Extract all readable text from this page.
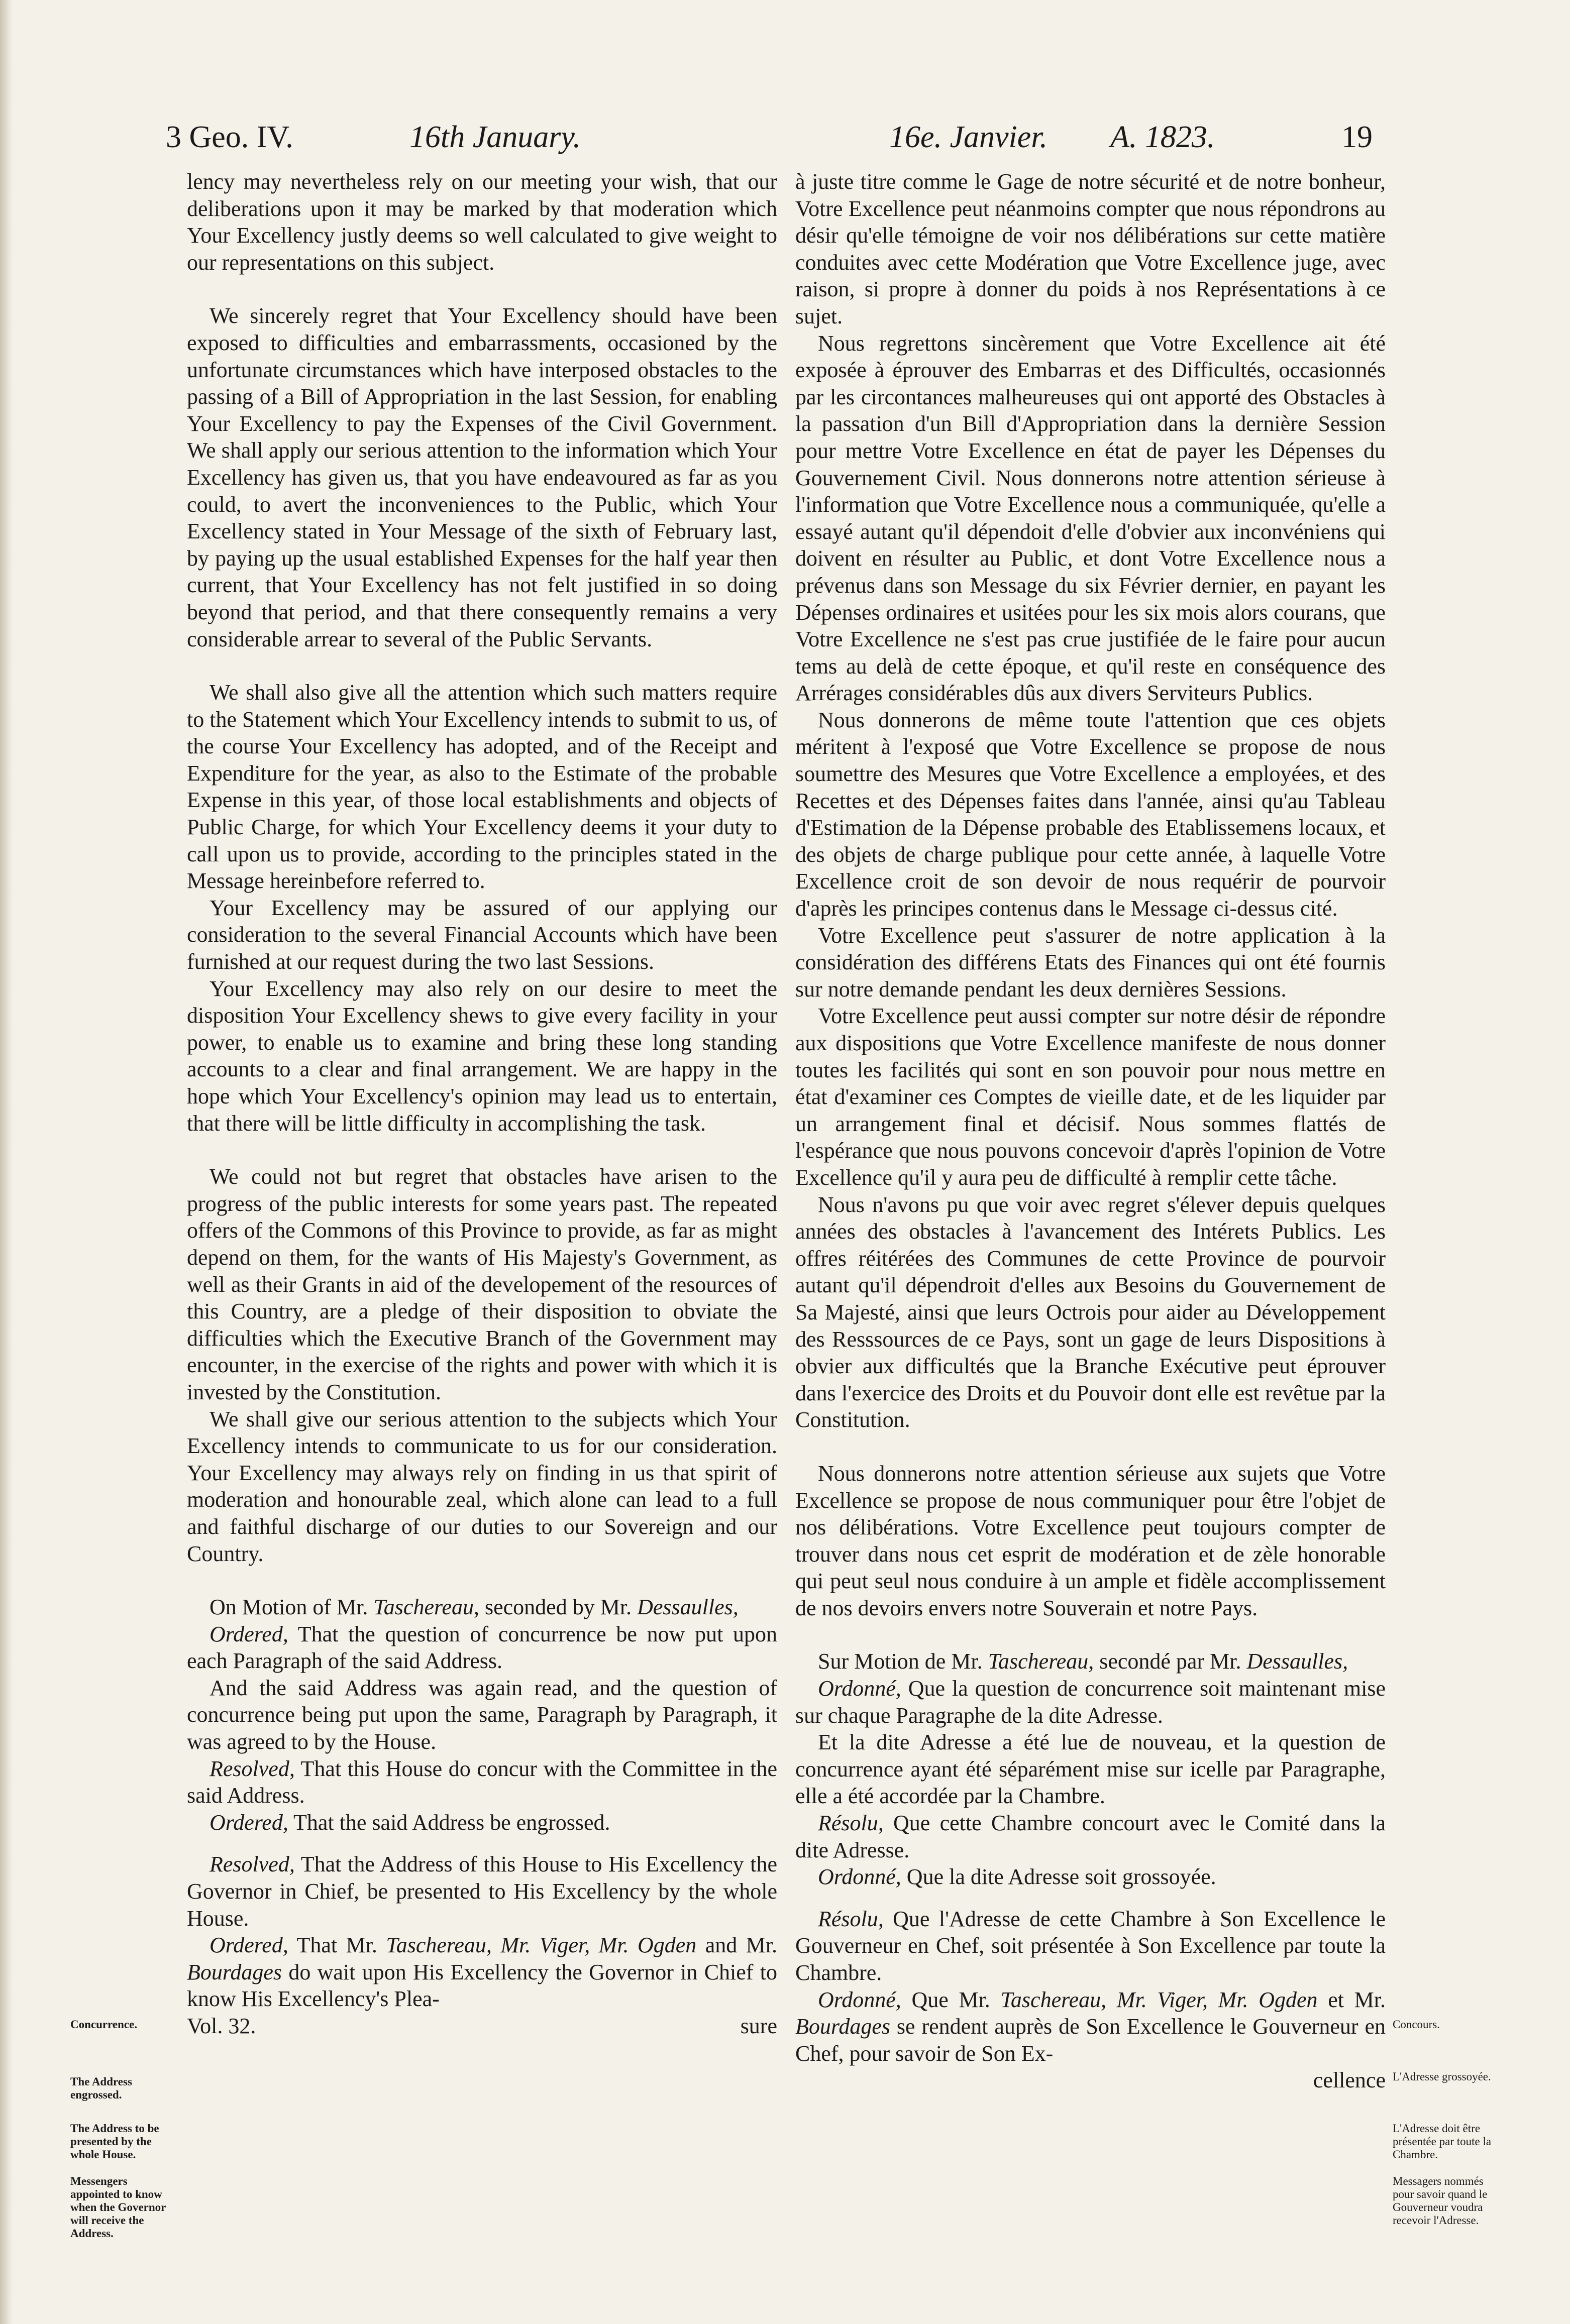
3 Geo. IV.	16th January.	16e. Janvier. A. 1823.	19

lency may nevertheless rely on our meeting your wish, that our deliberations upon it may be marked by that moderation which Your Excellency justly deems so well calculated to give weight to our representations on this subject.

We sincerely regret that Your Excellency should have been exposed to difficulties and embarrassments, occasioned by the unfortunate circumstances which have interposed obstacles to the passing of a Bill of Appropriation in the last Session, for enabling Your Excellency to pay the Expenses of the Civil Government. We shall apply our serious attention to the information which Your Excellency has given us, that you have endeavoured as far as you could, to avert the inconveniences to the Public, which Your Excellency stated in Your Message of the sixth of February last, by paying up the usual established Expenses for the half year then current, that Your Excellency has not felt justified in so doing beyond that period, and that there consequently remains a very considerable arrear to several of the Public Servants.

We shall also give all the attention which such matters require to the Statement which Your Excellency intends to submit to us, of the course Your Excellency has adopted, and of the Receipt and Expenditure for the year, as also to the Estimate of the probable Expense in this year, of those local establishments and objects of Public Charge, for which Your Excellency deems it your duty to call upon us to provide, according to the principles stated in the Message hereinbefore referred to.

Your Excellency may be assured of our applying our consideration to the several Financial Accounts which have been furnished at our request during the two last Sessions.

Your Excellency may also rely on our desire to meet the disposition Your Excellency shews to give every facility in your power, to enable us to examine and bring these long standing accounts to a clear and final arrangement. We are happy in the hope which Your Excellency's opinion may lead us to entertain, that there will be little difficulty in accomplishing the task.

We could not but regret that obstacles have arisen to the progress of the public interests for some years past. The repeated offers of the Commons of this Province to provide, as far as might depend on them, for the wants of His Majesty's Government, as well as their Grants in aid of the developement of the resources of this Country, are a pledge of their disposition to obviate the difficulties which the Executive Branch of the Government may encounter, in the exercise of the rights and power with which it is invested by the Constitution.

We shall give our serious attention to the subjects which Your Excellency intends to communicate to us for our consideration. Your Excellency may always rely on finding in us that spirit of moderation and honourable zeal, which alone can lead to a full and faithful discharge of our duties to our Sovereign and our Country.

On Motion of Mr. Taschereau, seconded by Mr. Dessaulles,

Ordered, That the question of concurrence be now put upon each Paragraph of the said Address.

And the said Address was again read, and the question of concurrence being put upon the same, Paragraph by Paragraph, it was agreed to by the House.

Resolved, That this House do concur with the Committee in the said Address.

Ordered, That the said Address be engrossed.

Resolved, That the Address of this House to His Excellency the Governor in Chief, be presented to His Excellency by the whole House.

Ordered, That Mr. Taschereau, Mr. Viger, Mr. Ogden and Mr. Bourdages do wait upon His Excellency the Governor in Chief to know His Excellency's Plea-

Vol. 32.	sure

à juste titre comme le Gage de notre sécurité et de notre bonheur, Votre Excellence peut néanmoins compter que nous répondrons au désir qu'elle témoigne de voir nos délibérations sur cette matière conduites avec cette Modération que Votre Excellence juge, avec raison, si propre à donner du poids à nos Représentations à ce sujet.

Nous regrettons sincèrement que Votre Excellence ait été exposée à éprouver des Embarras et des Difficultés, occasionnés par les circontances malheureuses qui ont apporté des Obstacles à la passation d'un Bill d'Appropriation dans la dernière Session pour mettre Votre Excellence en état de payer les Dépenses du Gouvernement Civil. Nous donnerons notre attention sérieuse à l'information que Votre Excellence nous a communiquée, qu'elle a essayé autant qu'il dépendoit d'elle d'obvier aux inconvéniens qui doivent en résulter au Public, et dont Votre Excellence nous a prévenus dans son Message du six Février dernier, en payant les Dépenses ordinaires et usitées pour les six mois alors courans, que Votre Excellence ne s'est pas crue justifiée de le faire pour aucun tems au delà de cette époque, et qu'il reste en conséquence des Arrérages considérables dûs aux divers Serviteurs Publics.

Nous donnerons de même toute l'attention que ces objets méritent à l'exposé que Votre Excellence se propose de nous soumettre des Mesures que Votre Excellence a employées, et des Recettes et des Dépenses faites dans l'année, ainsi qu'au Tableau d'Estimation de la Dépense probable des Etablissemens locaux, et des objets de charge publique pour cette année, à laquelle Votre Excellence croit de son devoir de nous requérir de pourvoir d'après les principes contenus dans le Message ci-dessus cité.

Votre Excellence peut s'assurer de notre application à la considération des différens Etats des Finances qui ont été fournis sur notre demande pendant les deux dernières Sessions.

Votre Excellence peut aussi compter sur notre désir de répondre aux dispositions que Votre Excellence manifeste de nous donner toutes les facilités qui sont en son pouvoir pour nous mettre en état d'examiner ces Comptes de vieille date, et de les liquider par un arrangement final et décisif. Nous sommes flattés de l'espérance que nous pouvons concevoir d'après l'opinion de Votre Excellence qu'il y aura peu de difficulté à remplir cette tâche.

Nous n'avons pu que voir avec regret s'élever depuis quelques années des obstacles à l'avancement des Intérets Publics. Les offres réitérées des Communes de cette Province de pourvoir autant qu'il dépendroit d'elles aux Besoins du Gouvernement de Sa Majesté, ainsi que leurs Octrois pour aider au Développement des Resssources de ce Pays, sont un gage de leurs Dispositions à obvier aux difficultés que la Branche Exécutive peut éprouver dans l'exercice des Droits et du Pouvoir dont elle est revêtue par la Constitution.

Nous donnerons notre attention sérieuse aux sujets que Votre Excellence se propose de nous communiquer pour être l'objet de nos délibérations. Votre Excellence peut toujours compter de trouver dans nous cet esprit de modération et de zèle honorable qui peut seul nous conduire à un ample et fidèle accomplissement de nos devoirs envers notre Souverain et notre Pays.

Sur Motion de Mr. Taschereau, secondé par Mr. Dessaulles,

Ordonné, Que la question de concurrence soit maintenant mise sur chaque Paragraphe de la dite Adresse.

Et la dite Adresse a été lue de nouveau, et la question de concurrence ayant été séparément mise sur icelle par Paragraphe, elle a été accordée par la Chambre.

Résolu, Que cette Chambre concourt avec le Comité dans la dite Adresse.

Ordonné, Que la dite Adresse soit grossoyée.

Résolu, Que l'Adresse de cette Chambre à Son Excellence le Gouverneur en Chef, soit présentée à Son Excellence par toute la Chambre.

Ordonné, Que Mr. Taschereau, Mr. Viger, Mr. Ogden et Mr. Bourdages se rendent auprès de Son Excellence le Gouverneur en Chef, pour savoir de Son Ex-

cellence
Concurrence.
The Address engrossed.
The Address to be presented by the whole House.
Messengers appointed to know when the Governor will receive the Address.
Concours.
L'Adresse grossoyée.
L'Adresse doit être présentée par toute la Chambre.
Messagers nommés pour savoir quand le Gouverneur voudra recevoir l'Adresse.
